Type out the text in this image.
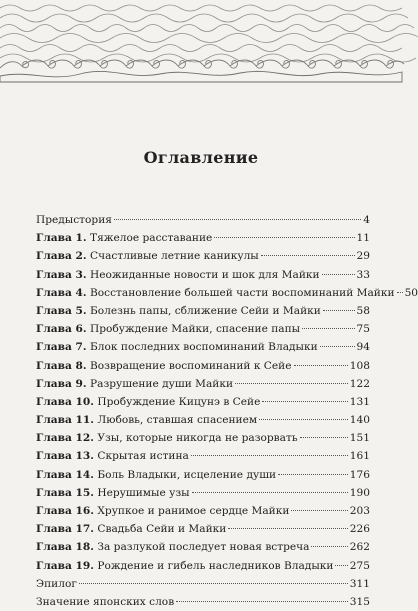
Оглавление
Предыстория	4
Глава 1. Тяжелое расставание	11
Глава 2. Счастливые летние каникулы	29
Глава 3. Неожиданные новости и шок для Майки	33
Глава 4. Восстановление большей части воспоминаний Майки 50
Глава 5. Болезнь папы, сближение Сейи и Майки	58
Глава 6. Пробуждение Майки, спасение папы	75
Глава 7. Блок последних воспоминаний Владыки	94
Глава 8. Возвращение воспоминаний к Сейе	108
Глава 9. Разрушение души Майки	122
Глава 10. Пробуждение Кицунэ в Сейе	131
Глава 11. Любовь, ставшая спасением	140
Глава 12. Узы, которые никогда не разорвать	151
Глава 13. Скрытая истина	161
Глава 14. Боль Владыки, исцеление души	176
Глава 15. Нерушимые узы	190
Глава 16. Хрупкое и ранимое сердце Майки	203
Глава 17. Свадьба Сейи и Майки	226
Глава 18. За разлукой последует новая встреча	262
Глава 19. Рождение и гибель наследников Владыки 275
Эпилог	311
Значение японских слов	315
